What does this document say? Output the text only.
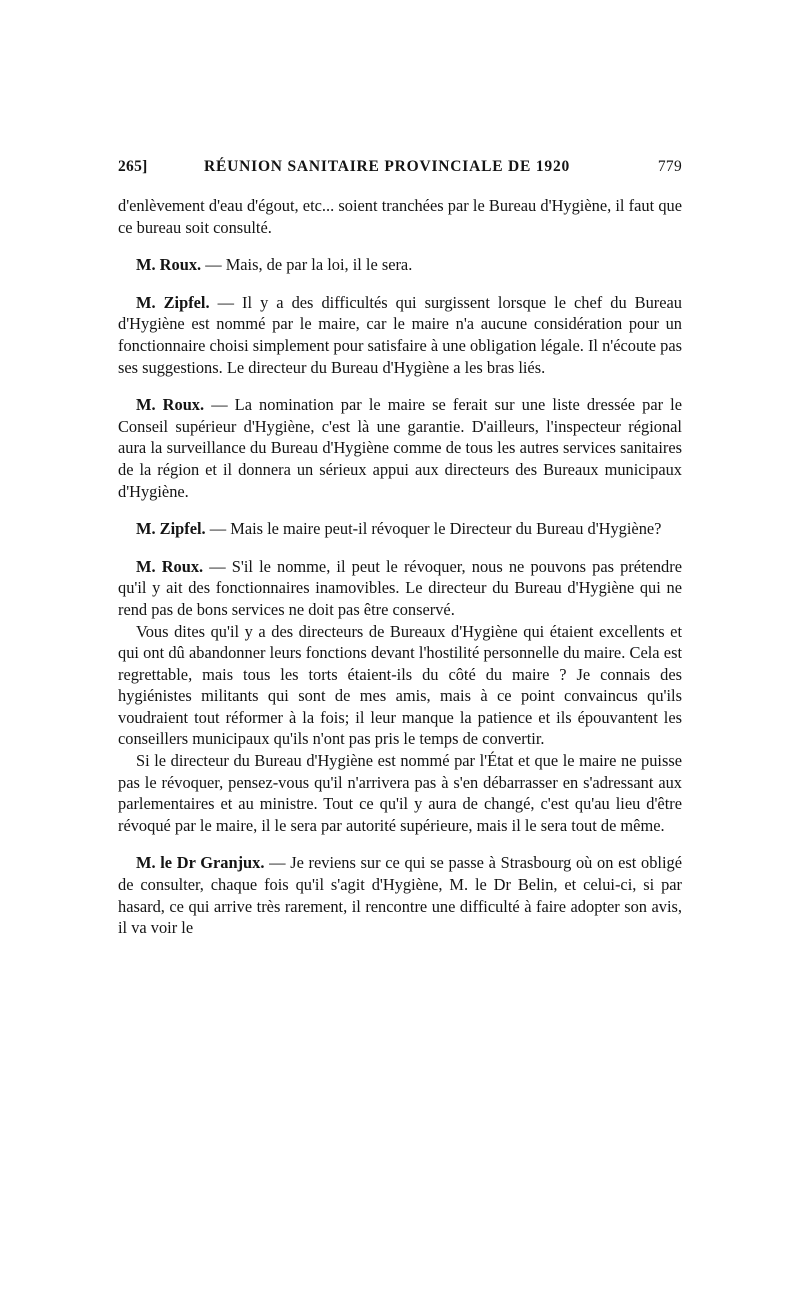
265]	RÉUNION SANITAIRE PROVINCIALE DE 1920	779

d'enlèvement d'eau d'égout, etc... soient tranchées par le Bureau d'Hygiène, il faut que ce bureau soit consulté.

M. Roux. — Mais, de par la loi, il le sera.

M. Zipfel. — Il y a des difficultés qui surgissent lorsque le chef du Bureau d'Hygiène est nommé par le maire, car le maire n'a aucune considération pour un fonctionnaire choisi simplement pour satisfaire à une obligation légale. Il n'écoute pas ses suggestions. Le directeur du Bureau d'Hygiène a les bras liés.

M. Roux. — La nomination par le maire se ferait sur une liste dressée par le Conseil supérieur d'Hygiène, c'est là une garantie. D'ailleurs, l'inspecteur régional aura la surveillance du Bureau d'Hygiène comme de tous les autres services sanitaires de la région et il donnera un sérieux appui aux directeurs des Bureaux municipaux d'Hygiène.

M. Zipfel. — Mais le maire peut-il révoquer le Directeur du Bureau d'Hygiène?

M. Roux. — S'il le nomme, il peut le révoquer, nous ne pouvons pas prétendre qu'il y ait des fonctionnaires inamovibles. Le directeur du Bureau d'Hygiène qui ne rend pas de bons services ne doit pas être conservé.

Vous dites qu'il y a des directeurs de Bureaux d'Hygiène qui étaient excellents et qui ont dû abandonner leurs fonctions devant l'hostilité personnelle du maire. Cela est regrettable, mais tous les torts étaient-ils du côté du maire ? Je connais des hygiénistes militants qui sont de mes amis, mais à ce point convaincus qu'ils voudraient tout réformer à la fois; il leur manque la patience et ils épouvantent les conseillers municipaux qu'ils n'ont pas pris le temps de convertir.

Si le directeur du Bureau d'Hygiène est nommé par l'État et que le maire ne puisse pas le révoquer, pensez-vous qu'il n'arrivera pas à s'en débarrasser en s'adressant aux parlementaires et au ministre. Tout ce qu'il y aura de changé, c'est qu'au lieu d'être révoqué par le maire, il le sera par autorité supérieure, mais il le sera tout de même.

M. le Dr Granjux. — Je reviens sur ce qui se passe à Strasbourg où on est obligé de consulter, chaque fois qu'il s'agit d'Hygiène, M. le Dr Belin, et celui-ci, si par hasard, ce qui arrive très rarement, il rencontre une difficulté à faire adopter son avis, il va voir le
